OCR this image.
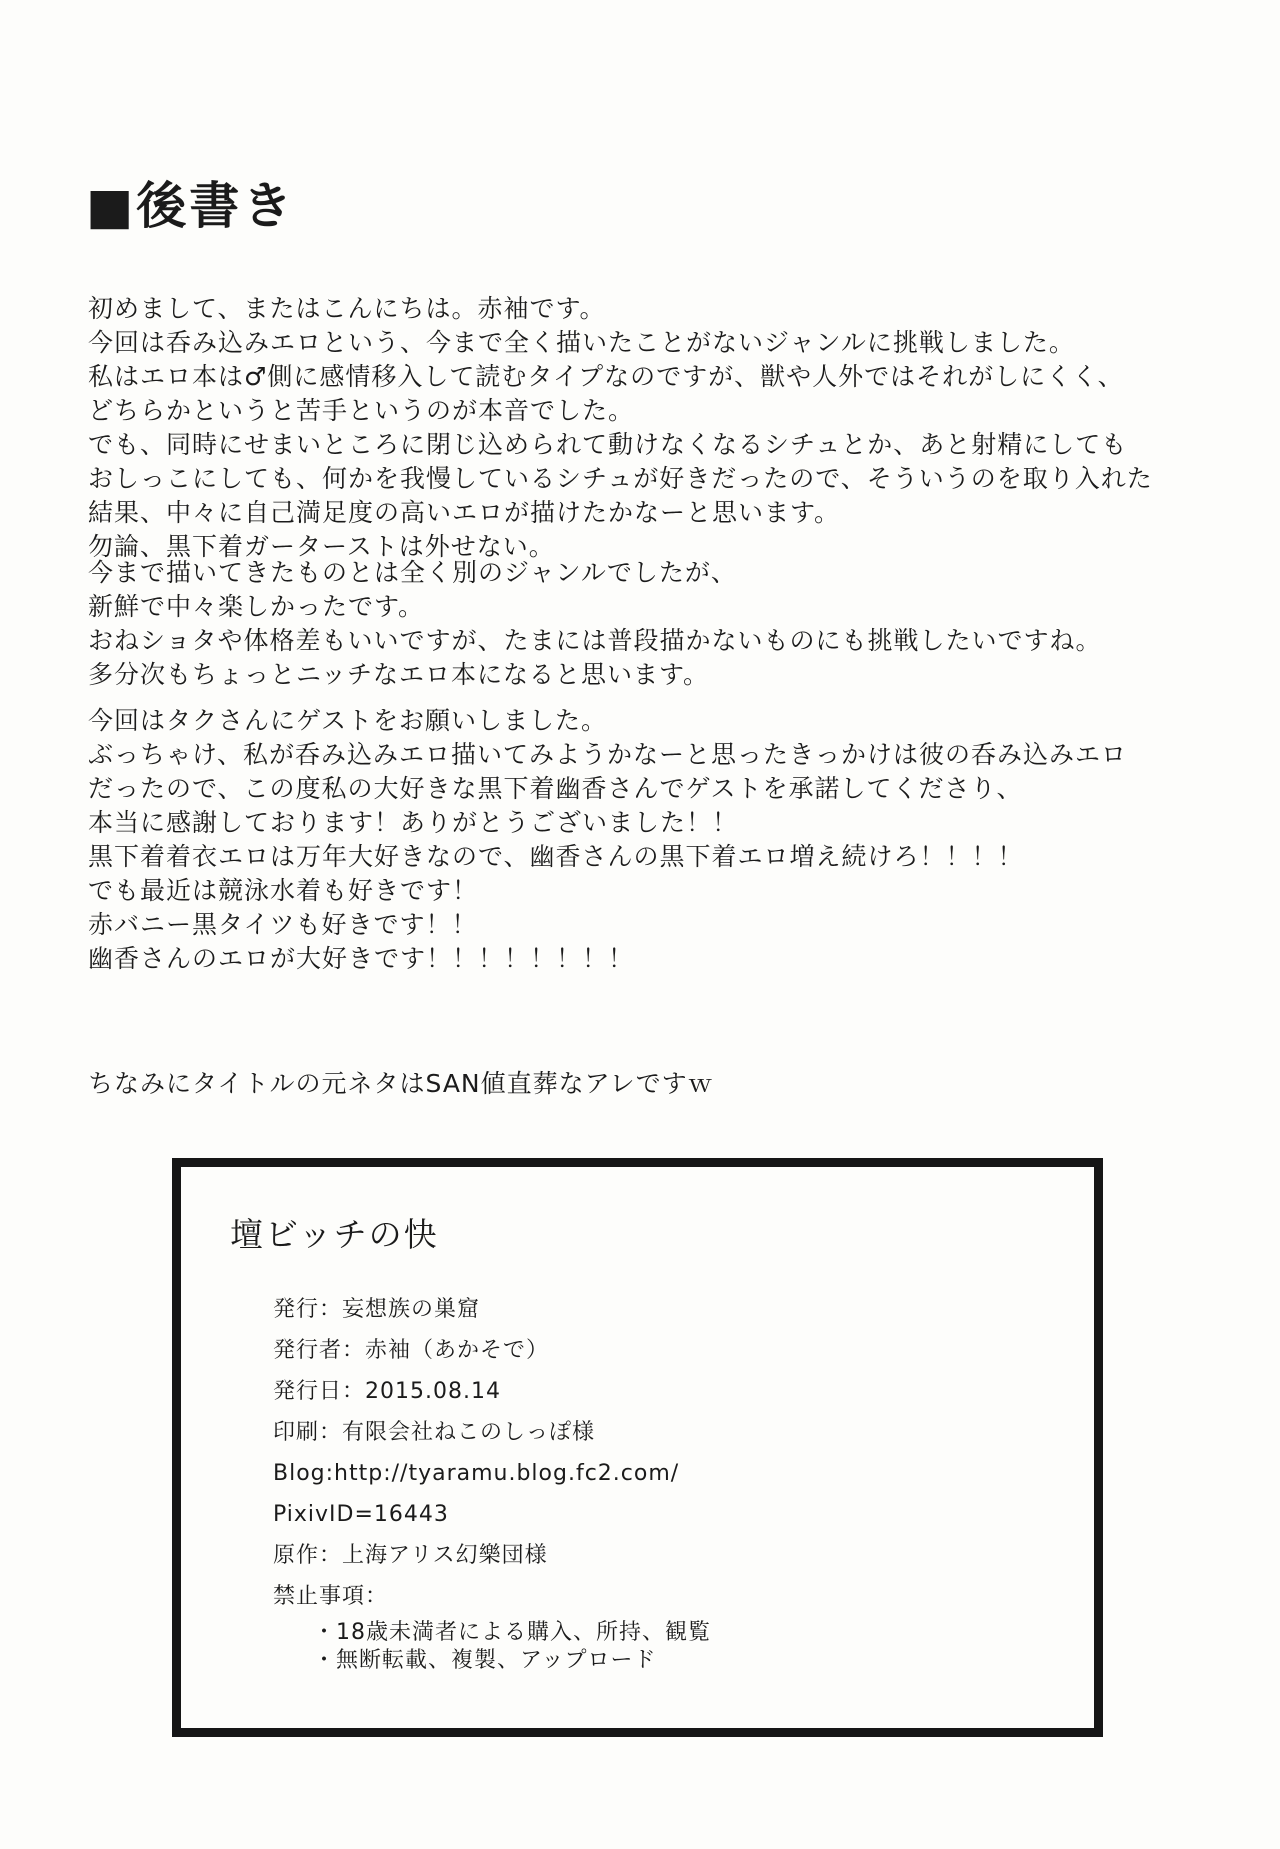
■後書き
初めまして、またはこんにちは。赤袖です。
今回は呑み込みエロという、今まで全く描いたことがないジャンルに挑戦しました。
私はエロ本は♂側に感情移入して読むタイプなのですが、獣や人外ではそれがしにくく、
どちらかというと苦手というのが本音でした。
でも、同時にせまいところに閉じ込められて動けなくなるシチュとか、あと射精にしても
おしっこにしても、何かを我慢しているシチュが好きだったので、そういうのを取り入れた
結果、中々に自己満足度の高いエロが描けたかなーと思います。
勿論、黒下着ガーターストは外せない。
今まで描いてきたものとは全く別のジャンルでしたが、
新鮮で中々楽しかったです。
おねショタや体格差もいいですが、たまには普段描かないものにも挑戦したいですね。
多分次もちょっとニッチなエロ本になると思います。
今回はタクさんにゲストをお願いしました。
ぶっちゃけ、私が呑み込みエロ描いてみようかなーと思ったきっかけは彼の呑み込みエロ
だったので、この度私の大好きな黒下着幽香さんでゲストを承諾してくださり、
本当に感謝しております！ありがとうございました！！
黒下着着衣エロは万年大好きなので、幽香さんの黒下着エロ増え続けろ！！！！
でも最近は競泳水着も好きです！
赤バニー黒タイツも好きです！！
幽香さんのエロが大好きです！！！！！！！！
ちなみにタイトルの元ネタはSAN値直葬なアレですｗ
壇ビッチの快
発行：妄想族の巣窟
発行者：赤袖（あかそで）
発行日：2015.08.14
印刷：有限会社ねこのしっぽ様
Blog:http://tyaramu.blog.fc2.com/
PixivID=16443
原作：上海アリス幻樂団様
禁止事項：
・18歳未満者による購入、所持、観覧
・無断転載、複製、アップロード
